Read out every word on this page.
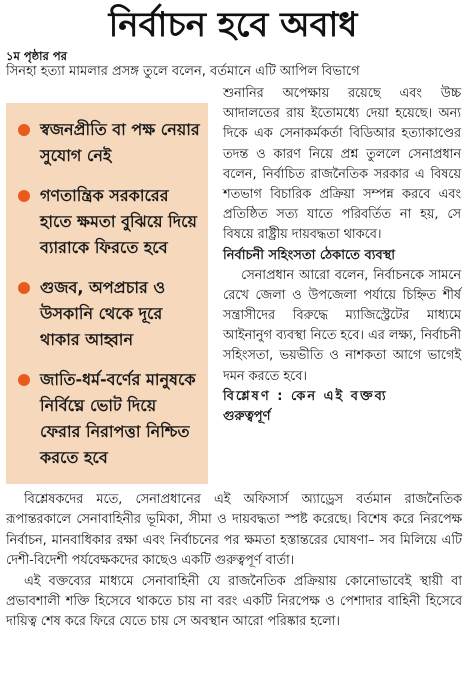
নির্বাচন হবে অবাধ
১ম পৃষ্ঠার পর
সিনহা হত্যা মামলার প্রসঙ্গ তুলে বলেন, বর্তমানে এটি আপিল বিভাগে
স্বজনপ্রীতি বা পক্ষ নেয়ার সুযোগ নেই
গণতান্ত্রিক সরকারের হাতে ক্ষমতা বুঝিয়ে দিয়ে ব্যারাকে ফিরতে হবে
গুজব, অপপ্রচার ও উসকানি থেকে দূরে থাকার আহ্বান
জাতি-ধর্ম-বর্ণের মানুষকে নির্বিঘ্নে ভোট দিয়ে ফেরার নিরাপত্তা নিশ্চিত করতে হবে

শুনানির অপেক্ষায় রয়েছে এবং উচ্চ আদালতের রায় ইতোমধ্যে দেয়া হয়েছে। অন্য দিকে এক সেনাকর্মকর্তা বিডিআর হত্যাকাণ্ডের তদন্ত ও কারণ নিয়ে প্রশ্ন তুললে সেনাপ্রধান বলেন, নির্বাচিত রাজনৈতিক সরকার এ বিষয়ে শতভাগ বিচারিক প্রক্রিয়া সম্পন্ন করবে এবং প্রতিষ্ঠিত সত্য যাতে পরিবর্তিত না হয়, সে বিষয়ে রাষ্ট্রীয় দায়বদ্ধতা থাকবে।

নির্বাচনী সহিংসতা ঠেকাতে ব্যবস্থা

সেনাপ্রধান আরো বলেন, নির্বাচনকে সামনে রেখে জেলা ও উপজেলা পর্যায়ে চিহ্নিত শীর্ষ সন্ত্রাসীদের বিরুদ্ধে ম্যাজিস্ট্রেটের মাধ্যমে আইনানুগ ব্যবস্থা নিতে হবে। এর লক্ষ্য, নির্বাচনী সহিংসতা, ভয়ভীতি ও নাশকতা আগে ভাগেই দমন করতে হবে।

বিশ্লেষণ : কেন এই বক্তব্য
গুরুত্বপূর্ণ

বিশ্লেষকদের মতে, সেনাপ্রধানের এই অফিসার্স অ্যাড্রেস বর্তমান রাজনৈতিক রূপান্তরকালে সেনাবাহিনীর ভূমিকা, সীমা ও দায়বদ্ধতা স্পষ্ট করেছে। বিশেষ করে নিরপেক্ষ নির্বাচন, মানবাধিকার রক্ষা এবং নির্বাচনের পর ক্ষমতা হস্তান্তরের ঘোষণা– সব মিলিয়ে এটি দেশী-বিদেশী পর্যবেক্ষকদের কাছেও একটি গুরুত্বপূর্ণ বার্তা।

এই বক্তব্যের মাধ্যমে সেনাবাহিনী যে রাজনৈতিক প্রক্রিয়ায় কোনোভাবেই স্থায়ী বা প্রভাবশালী শক্তি হিসেবে থাকতে চায় না বরং একটি নিরপেক্ষ ও পেশাদার বাহিনী হিসেবে দায়িত্ব শেষ করে ফিরে যেতে চায় সে অবস্থান আরো পরিষ্কার হলো।
